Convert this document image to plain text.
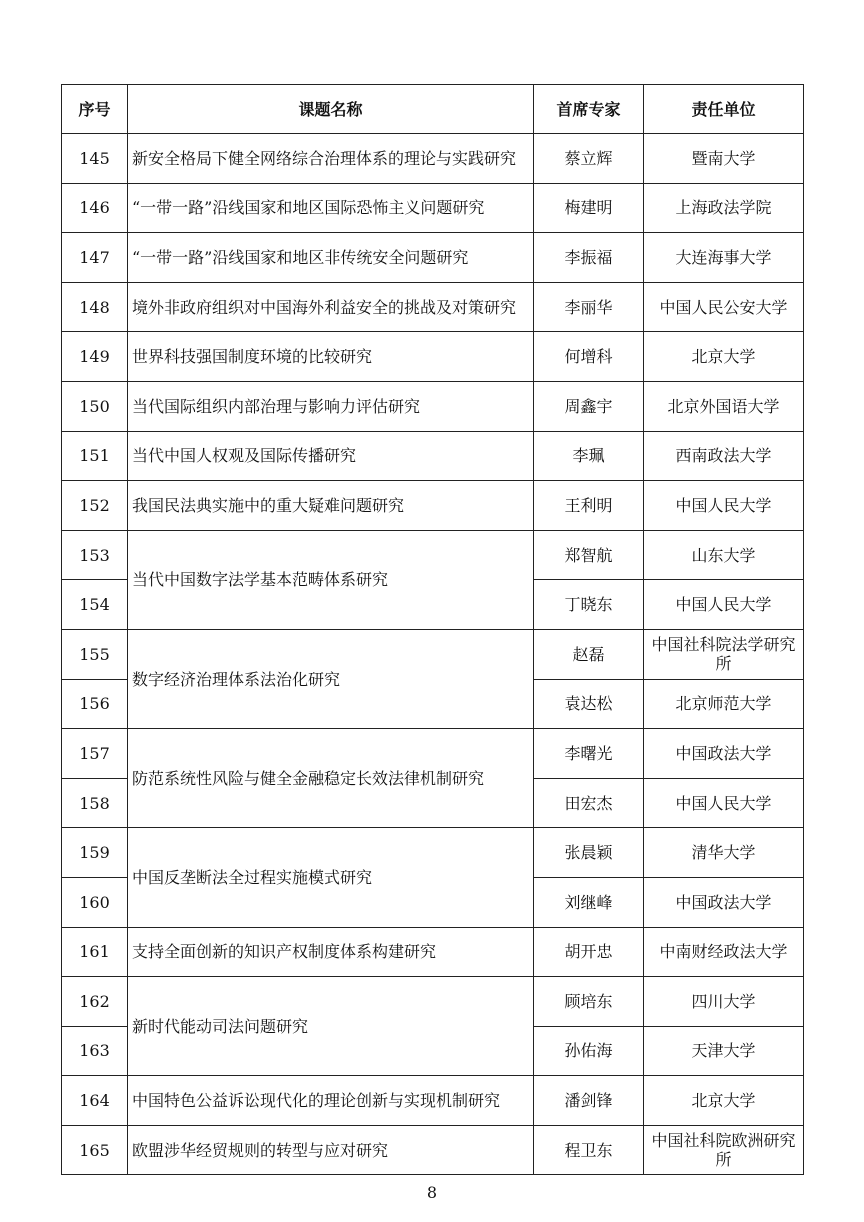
序号	课题名称	首席专家	责任单位
145	新安全格局下健全网络综合治理体系的理论与实践研究	蔡立辉	暨南大学
146	“一带一路”沿线国家和地区国际恐怖主义问题研究	梅建明	上海政法学院
147	“一带一路”沿线国家和地区非传统安全问题研究	李振福	大连海事大学
148	境外非政府组织对中国海外利益安全的挑战及对策研究	李丽华	中国人民公安大学
149	世界科技强国制度环境的比较研究	何增科	北京大学
150	当代国际组织内部治理与影响力评估研究	周鑫宇	北京外国语大学
151	当代中国人权观及国际传播研究	李珮	西南政法大学
152	我国民法典实施中的重大疑难问题研究	王利明	中国人民大学
153	当代中国数字法学基本范畴体系研究	郑智航	山东大学
154		丁晓东	中国人民大学
155	数字经济治理体系法治化研究	赵磊	中国社科院法学研究所
156		袁达松	北京师范大学
157	防范系统性风险与健全金融稳定长效法律机制研究	李曙光	中国政法大学
158		田宏杰	中国人民大学
159	中国反垄断法全过程实施模式研究	张晨颖	清华大学
160		刘继峰	中国政法大学
161	支持全面创新的知识产权制度体系构建研究	胡开忠	中南财经政法大学
162	新时代能动司法问题研究	顾培东	四川大学
163		孙佑海	天津大学
164	中国特色公益诉讼现代化的理论创新与实现机制研究	潘剑锋	北京大学
165	欧盟涉华经贸规则的转型与应对研究	程卫东	中国社科院欧洲研究所
8
